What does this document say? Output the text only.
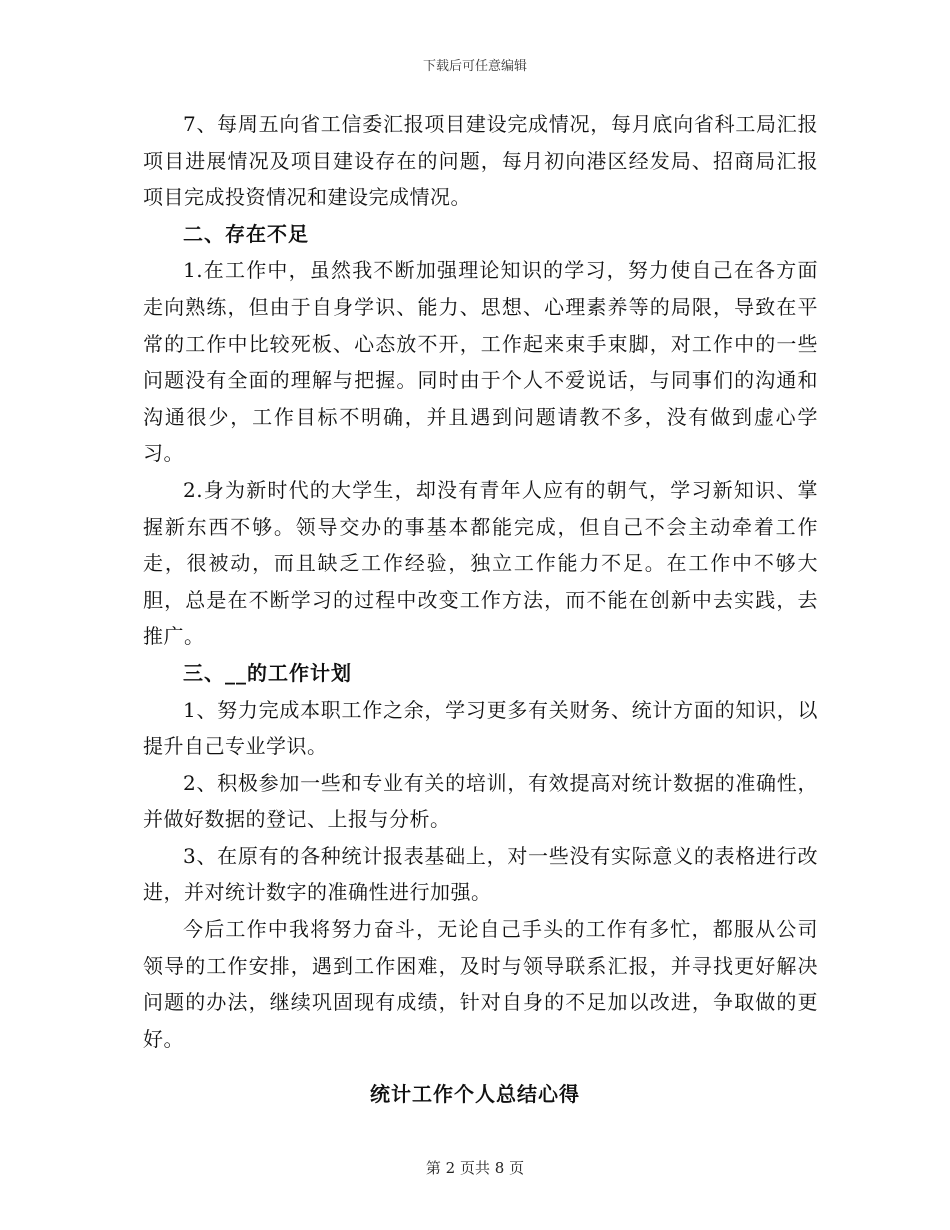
下载后可任意编辑

7、每周五向省工信委汇报项目建设完成情况，每月底向省科工局汇报项目进展情况及项目建设存在的问题，每月初向港区经发局、招商局汇报项目完成投资情况和建设完成情况。

二、存在不足

1.在工作中，虽然我不断加强理论知识的学习，努力使自己在各方面走向熟练，但由于自身学识、能力、思想、心理素养等的局限，导致在平常的工作中比较死板、心态放不开，工作起来束手束脚，对工作中的一些问题没有全面的理解与把握。同时由于个人不爱说话，与同事们的沟通和沟通很少，工作目标不明确，并且遇到问题请教不多，没有做到虚心学习。

2.身为新时代的大学生，却没有青年人应有的朝气，学习新知识、掌握新东西不够。领导交办的事基本都能完成，但自己不会主动牵着工作走，很被动，而且缺乏工作经验，独立工作能力不足。在工作中不够大胆，总是在不断学习的过程中改变工作方法，而不能在创新中去实践，去推广。

三、__的工作计划

1、努力完成本职工作之余，学习更多有关财务、统计方面的知识，以提升自己专业学识。

2、积极参加一些和专业有关的培训，有效提高对统计数据的准确性，并做好数据的登记、上报与分析。

3、在原有的各种统计报表基础上，对一些没有实际意义的表格进行改进，并对统计数字的准确性进行加强。

今后工作中我将努力奋斗，无论自己手头的工作有多忙，都服从公司领导的工作安排，遇到工作困难，及时与领导联系汇报，并寻找更好解决问题的办法，继续巩固现有成绩，针对自身的不足加以改进，争取做的更好。

统计工作个人总结心得
第 2 页共 8 页
